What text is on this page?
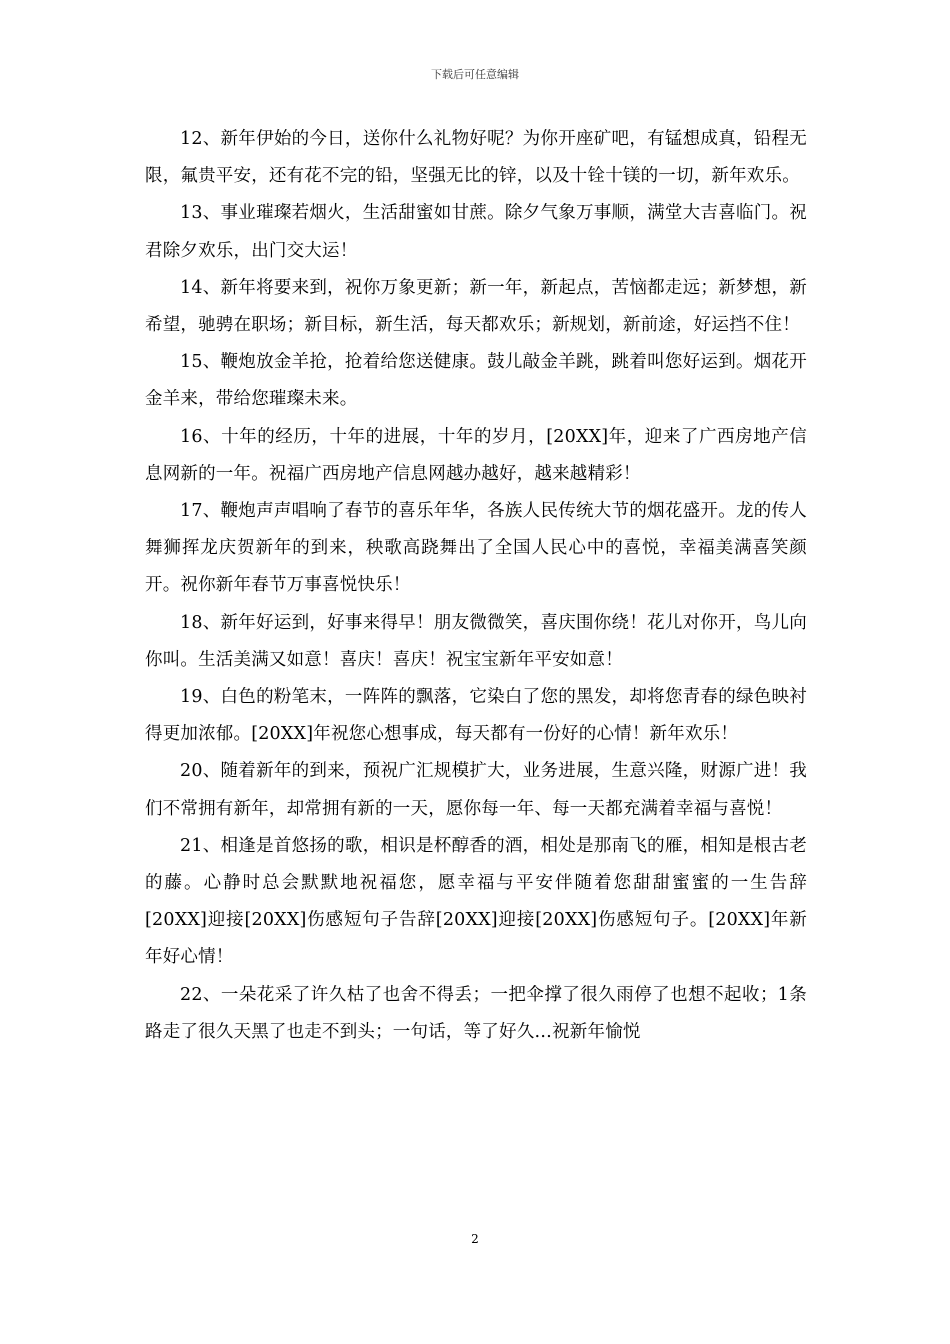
下载后可任意编辑

12、新年伊始的今日，送你什么礼物好呢？为你开座矿吧，有锰想成真，铅程无限，氟贵平安，还有花不完的铅，坚强无比的锌，以及十铨十镁的一切，新年欢乐。

13、事业璀璨若烟火，生活甜蜜如甘蔗。除夕气象万事顺，满堂大吉喜临门。祝君除夕欢乐，出门交大运！

14、新年将要来到，祝你万象更新；新一年，新起点，苦恼都走远；新梦想，新希望，驰骋在职场；新目标，新生活，每天都欢乐；新规划，新前途，好运挡不住！

15、鞭炮放金羊抢，抢着给您送健康。鼓儿敲金羊跳，跳着叫您好运到。烟花开金羊来，带给您璀璨未来。

16、十年的经历，十年的进展，十年的岁月，[20XX]年，迎来了广西房地产信息网新的一年。祝福广西房地产信息网越办越好，越来越精彩！

17、鞭炮声声唱响了春节的喜乐年华，各族人民传统大节的烟花盛开。龙的传人舞狮挥龙庆贺新年的到来，秧歌高跷舞出了全国人民心中的喜悦，幸福美满喜笑颜开。祝你新年春节万事喜悦快乐！

18、新年好运到，好事来得早！朋友微微笑，喜庆围你绕！花儿对你开，鸟儿向你叫。生活美满又如意！喜庆！喜庆！祝宝宝新年平安如意！

19、白色的粉笔末，一阵阵的飘落，它染白了您的黑发，却将您青春的绿色映衬得更加浓郁。[20XX]年祝您心想事成，每天都有一份好的心情！新年欢乐！

20、随着新年的到来，预祝广汇规模扩大，业务进展，生意兴隆，财源广进！我们不常拥有新年，却常拥有新的一天，愿你每一年、每一天都充满着幸福与喜悦！

21、相逢是首悠扬的歌，相识是杯醇香的酒，相处是那南飞的雁，相知是根古老的藤。心静时总会默默地祝福您，愿幸福与平安伴随着您甜甜蜜蜜的一生告辞[20XX]迎接[20XX]伤感短句子告辞[20XX]迎接[20XX]伤感短句子。[20XX]年新年好心情！

22、一朵花采了许久枯了也舍不得丢；一把伞撑了很久雨停了也想不起收；1条路走了很久天黑了也走不到头；一句话，等了好久…祝新年愉悦

2
